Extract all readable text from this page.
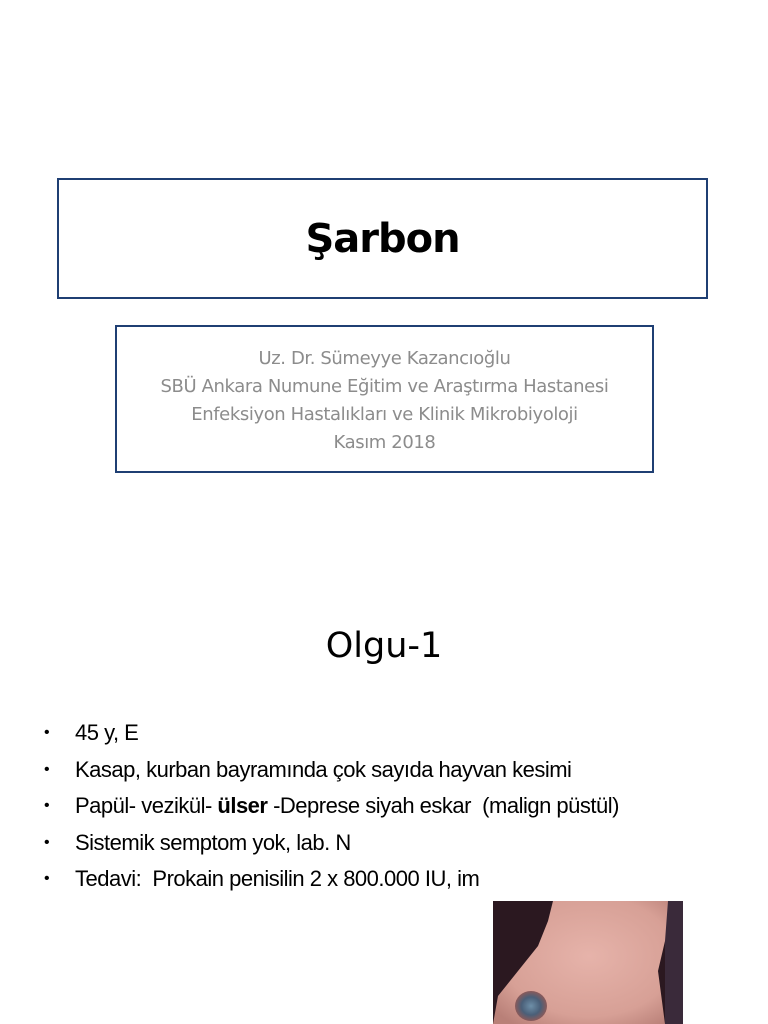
Şarbon
Uz. Dr. Sümeyye Kazancıoğlu
SBÜ Ankara Numune Eğitim ve Araştırma Hastanesi
Enfeksiyon Hastalıkları ve Klinik Mikrobiyoloji
Kasım 2018
Olgu-1
•	45 y, E
•	Kasap, kurban bayramında çok sayıda hayvan kesimi
•	Papül- vezikül- ülser -Deprese siyah eskar  (malign püstül)
•	Sistemik semptom yok, lab. N
•	Tedavi:  Prokain penisilin 2 x 800.000 IU, im
